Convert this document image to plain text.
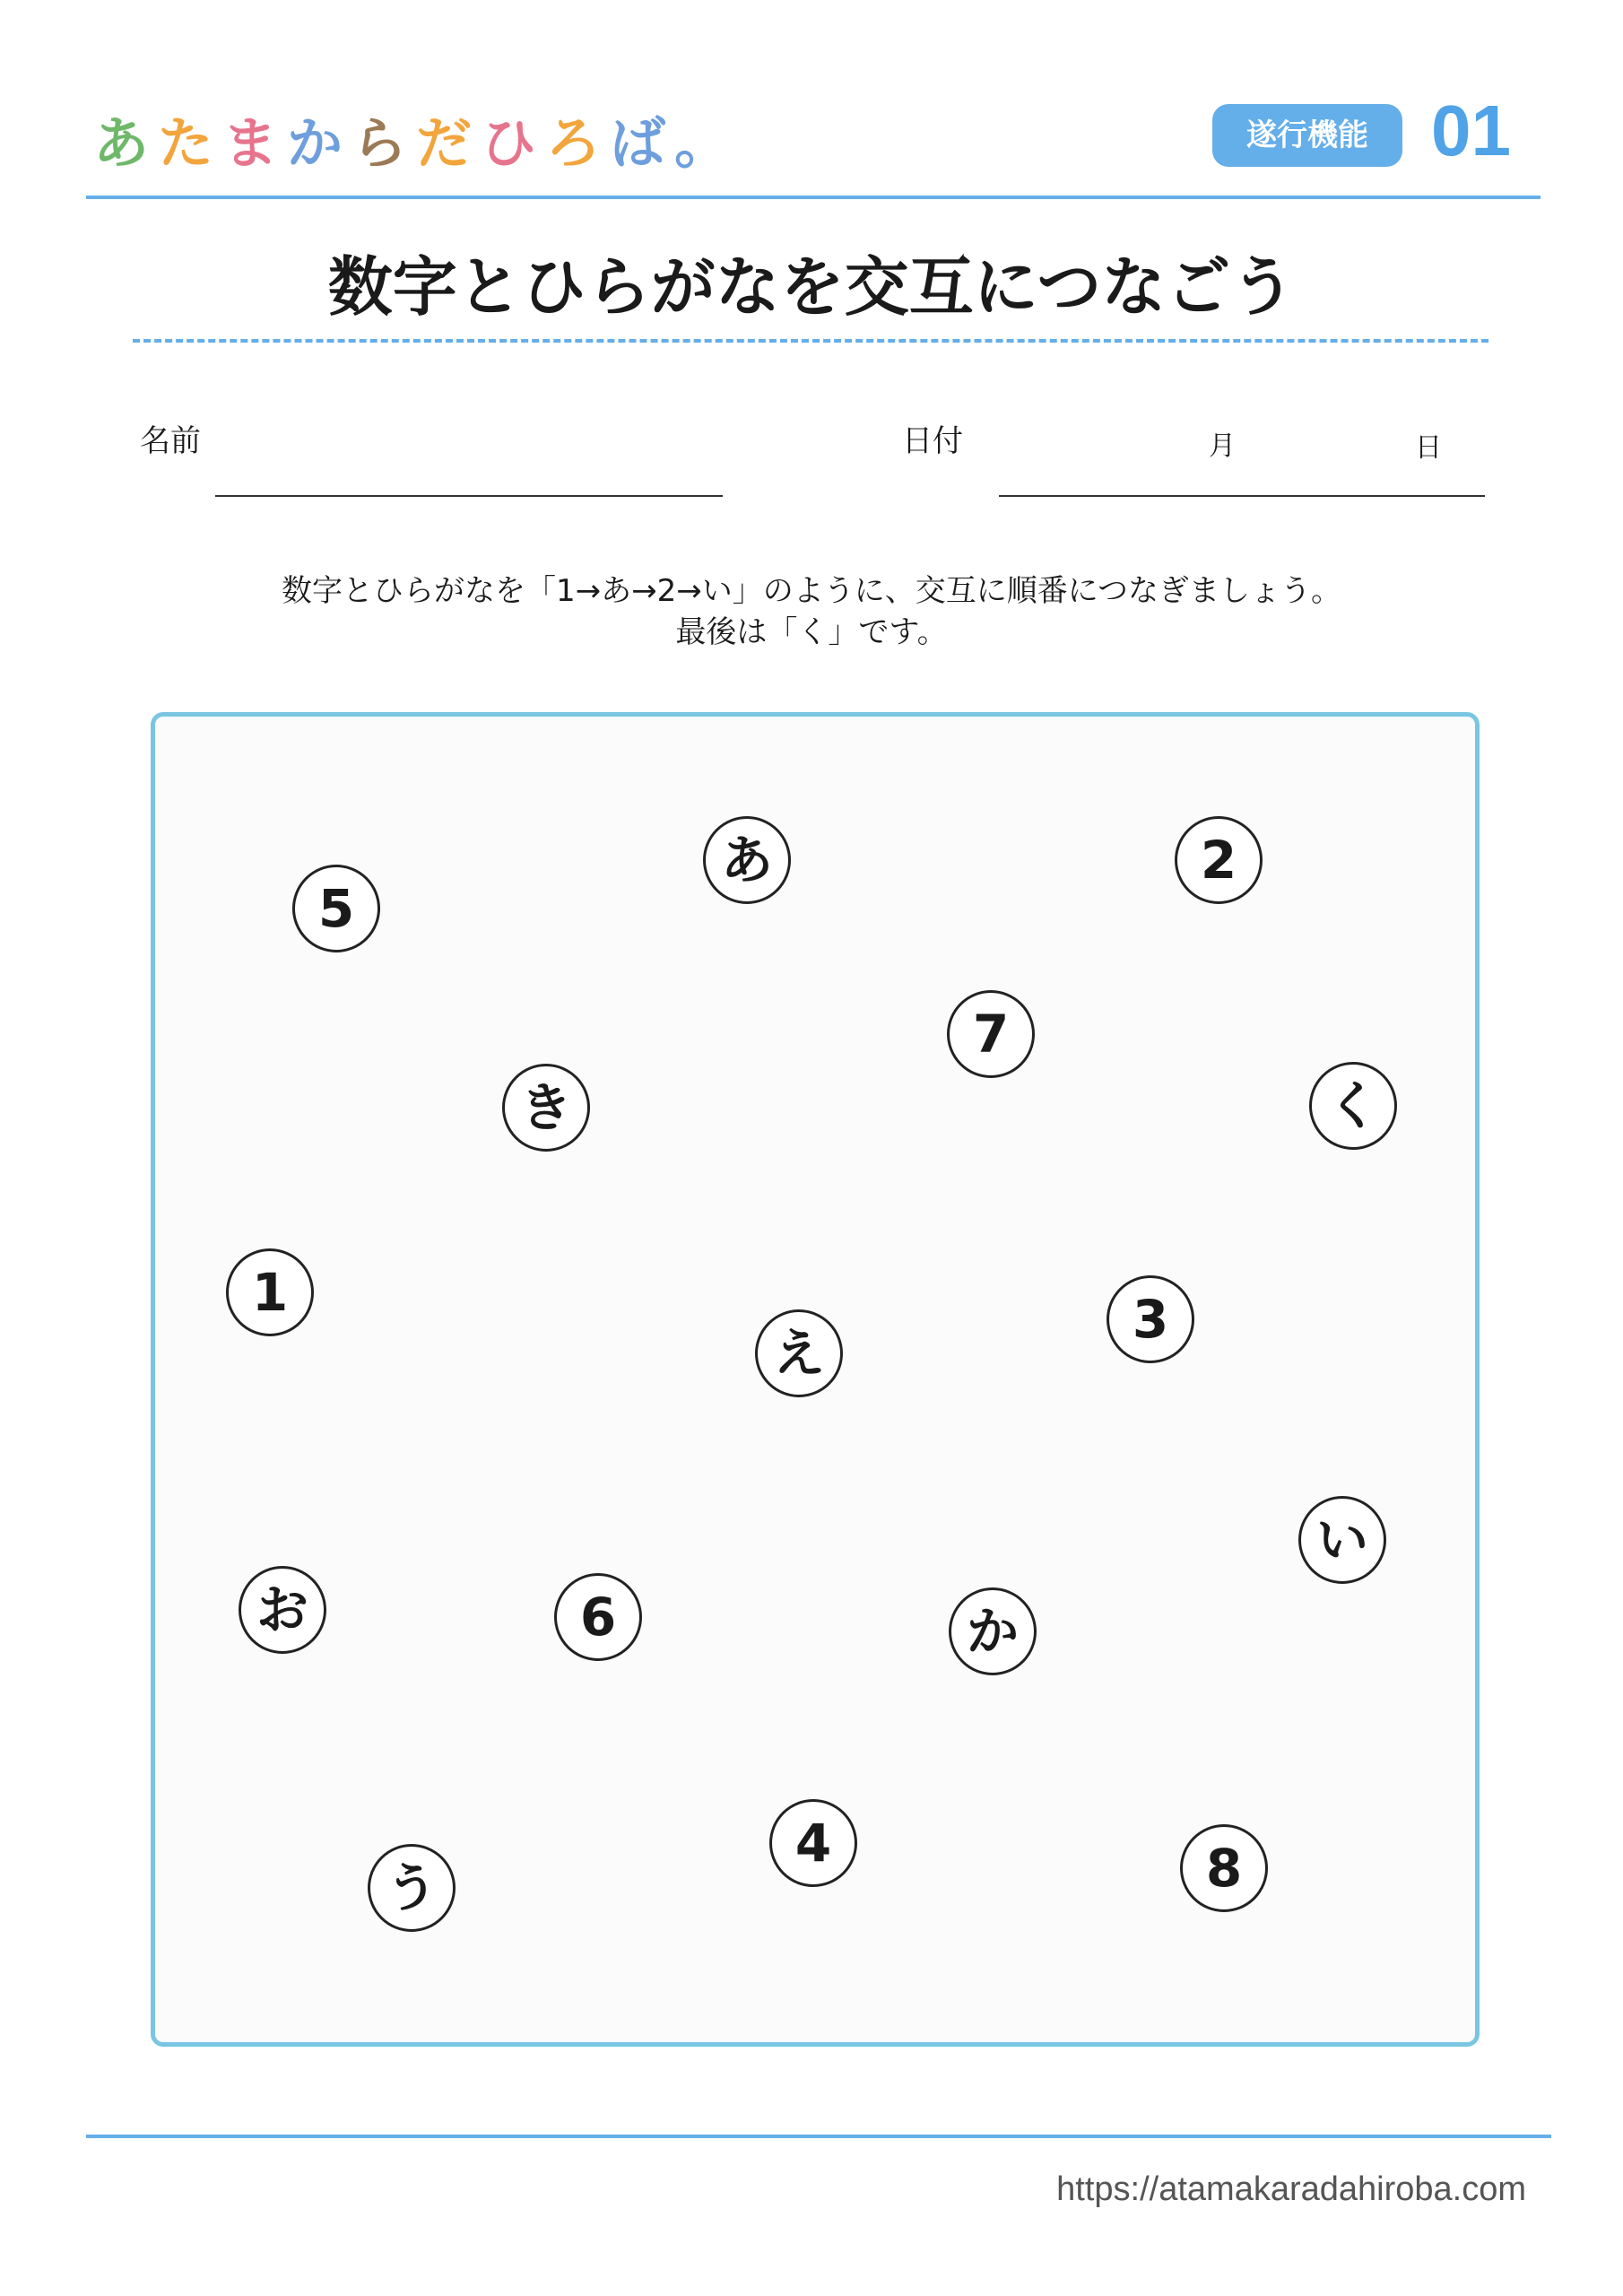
あたまからだひろば。	遂行機能 01
数字とひらがなを交互につなごう
名前	日付	月	日
数字とひらがなを「1→あ→2→い」のように、交互に順番につなぎましょう。
最後は「く」です。
5
あ	2
7
き	く
1
え
3
い
お	6	か
4
う	8
https://atamakaradahiroba.com
